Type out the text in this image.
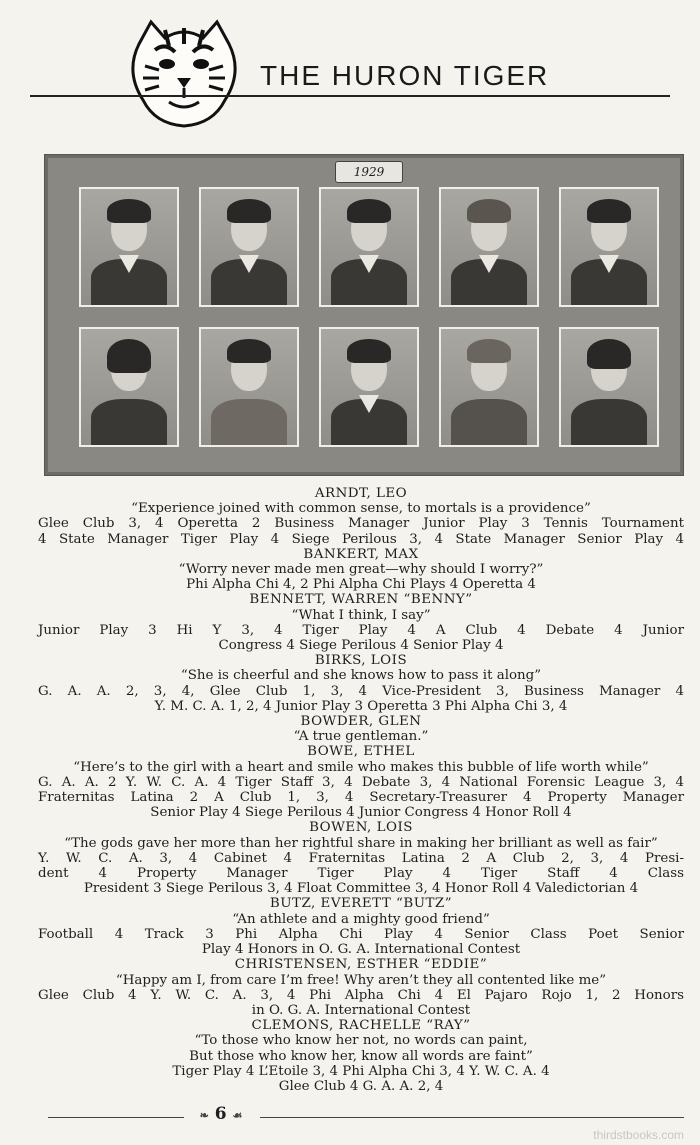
THE HURON TIGER
1929

ARNDT, LEO

“Experience joined with common sense, to mortals is a providence”

Glee Club 3, 4 Operetta 2 Business Manager Junior Play 3 Tennis Tournament

4 State Manager Tiger Play 4 Siege Perilous 3, 4 State Manager Senior Play 4

BANKERT, MAX

“Worry never made men great—why should I worry?”

Phi Alpha Chi 4, 2 Phi Alpha Chi Plays 4 Operetta 4

BENNETT, WARREN “BENNY”

“What I think, I say”

Junior Play 3 Hi Y 3, 4 Tiger Play 4 A Club 4 Debate 4 Junior

Congress 4 Siege Perilous 4 Senior Play 4

BIRKS, LOIS

“She is cheerful and she knows how to pass it along”

G. A. A. 2, 3, 4, Glee Club 1, 3, 4 Vice-President 3, Business Manager 4

Y. M. C. A. 1, 2, 4 Junior Play 3 Operetta 3 Phi Alpha Chi 3, 4

BOWDER, GLEN

“A true gentleman.”

BOWE, ETHEL

“Here’s to the girl with a heart and smile who makes this bubble of life worth while”

G. A. A. 2 Y. W. C. A. 4 Tiger Staff 3, 4 Debate 3, 4 National Forensic League 3, 4

Fraternitas Latina 2 A Club 1, 3, 4 Secretary-Treasurer 4 Property Manager

Senior Play 4 Siege Perilous 4 Junior Congress 4 Honor Roll 4

BOWEN, LOIS

“The gods gave her more than her rightful share in making her brilliant as well as fair”

Y. W. C. A. 3, 4 Cabinet 4 Fraternitas Latina 2 A Club 2, 3, 4 Presi-

dent 4 Property Manager Tiger Play 4 Tiger Staff 4 Class

President 3 Siege Perilous 3, 4 Float Committee 3, 4 Honor Roll 4 Valedictorian 4

BUTZ, EVERETT “BUTZ”

“An athlete and a mighty good friend”

Football 4 Track 3 Phi Alpha Chi Play 4 Senior Class Poet Senior

Play 4 Honors in O. G. A. International Contest

CHRISTENSEN, ESTHER “EDDIE”

“Happy am I, from care I’m free! Why aren’t they all contented like me”

Glee Club 4 Y. W. C. A. 3, 4 Phi Alpha Chi 4 El Pajaro Rojo 1, 2 Honors

in O. G. A. International Contest

CLEMONS, RACHELLE “RAY”

“To those who know her not, no words can paint,

But those who know her, know all words are faint”

Tiger Play 4 L’Etoile 3, 4 Phi Alpha Chi 3, 4 Y. W. C. A. 4

Glee Club 4 G. A. A. 2, 4

❧ 6 ☙
thirdstbooks.com
